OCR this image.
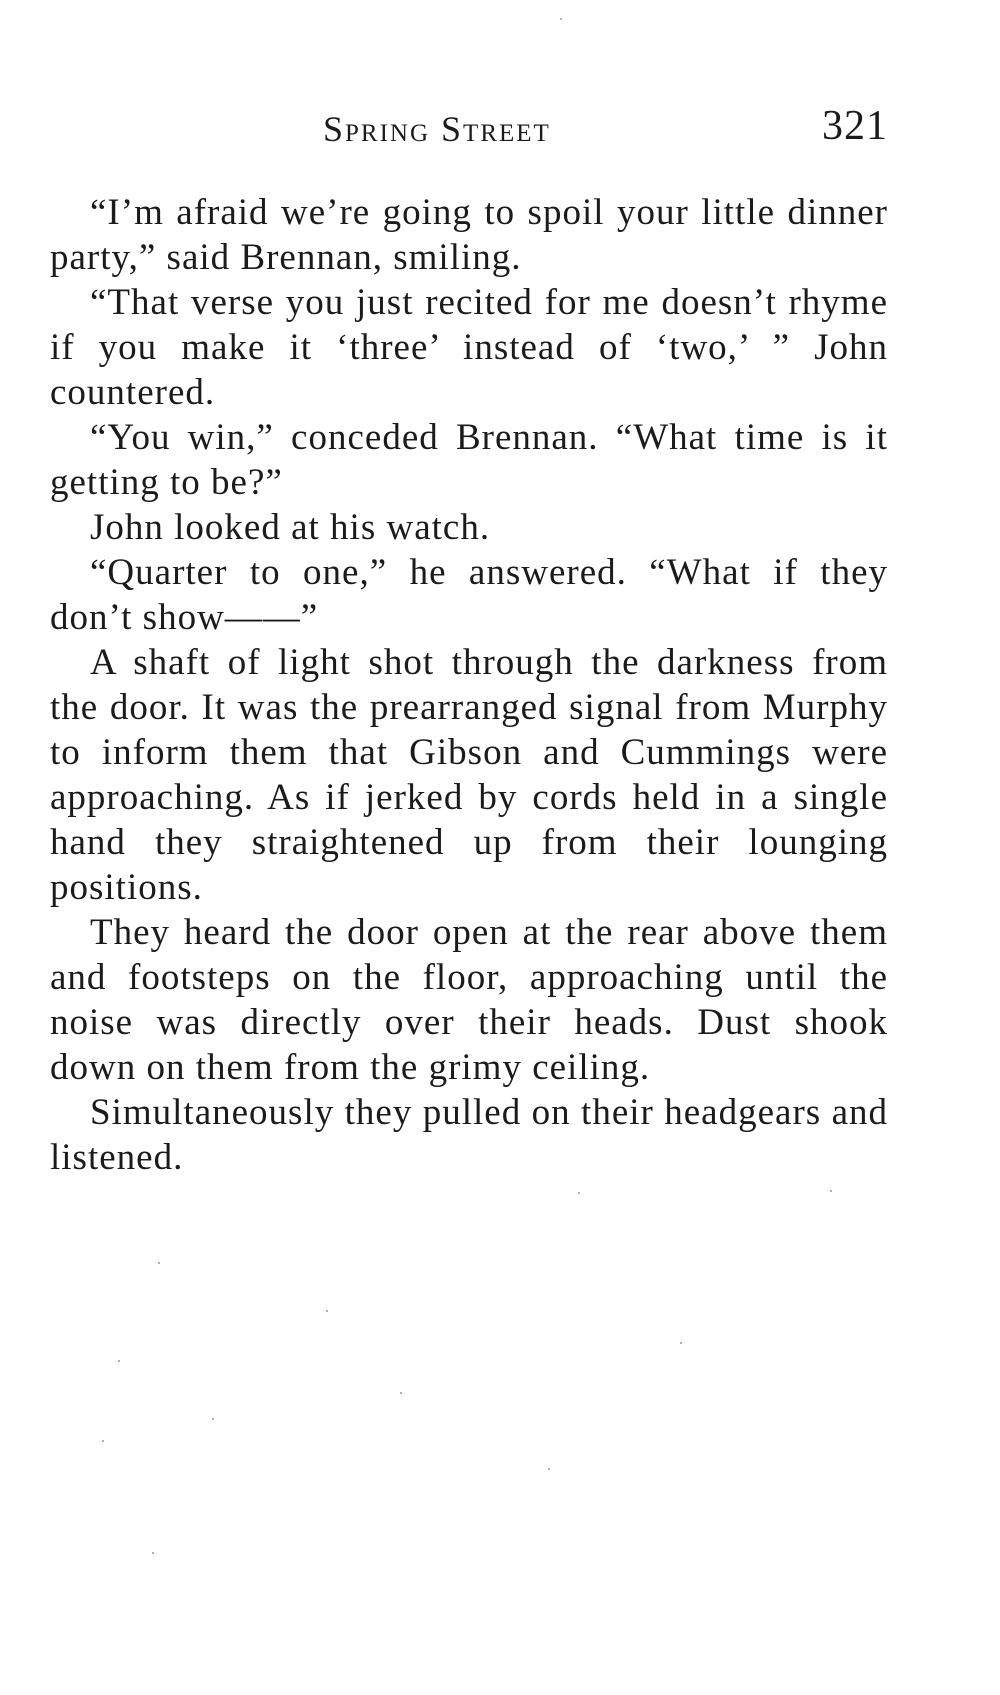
Spring Street	321

“I’m afraid we’re going to spoil your little dinner party,” said Brennan, smiling.

“That verse you just recited for me doesn’t rhyme if you make it ‘three’ instead of ‘two,’ ” John countered.

“You win,” conceded Brennan. “What time is it getting to be?”

John looked at his watch.

“Quarter to one,” he answered. “What if they don’t show——”

A shaft of light shot through the darkness from the door. It was the prearranged signal from Murphy to inform them that Gibson and Cummings were approaching. As if jerked by cords held in a single hand they straightened up from their lounging positions.

They heard the door open at the rear above them and footsteps on the floor, approaching until the noise was directly over their heads. Dust shook down on them from the grimy ceiling.

Simultaneously they pulled on their headgears and listened.
